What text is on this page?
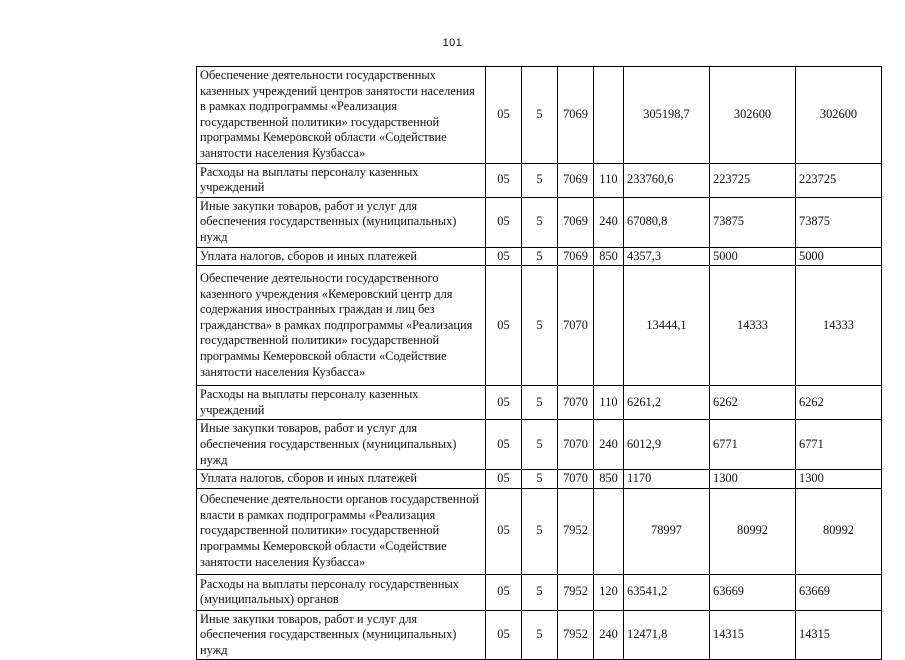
101
Обеспечение деятельности государственных казенных учреждений центров занятости населения в рамках подпрограммы «Реализация государственной политики» государственной программы Кемеровской области «Содействие занятости населения Кузбасса»	05	5	7069		305198,7	302600	302600
Расходы на выплаты персоналу казенных учреждений	05	5	7069	110	233760,6	223725	223725
Иные закупки товаров, работ и услуг для обеспечения государственных (муниципальных) нужд	05	5	7069	240	67080,8	73875	73875
Уплата налогов, сборов и иных платежей	05	5	7069	850	4357,3	5000	5000
Обеспечение деятельности государственного казенного учреждения «Кемеровский центр для содержания иностранных граждан и лиц без гражданства» в рамках подпрограммы «Реализация государственной политики» государственной программы Кемеровской области «Содействие занятости населения Кузбасса»	05	5	7070		13444,1	14333	14333
Расходы на выплаты персоналу казенных учреждений	05	5	7070	110	6261,2	6262	6262
Иные закупки товаров, работ и услуг для обеспечения государственных (муниципальных) нужд	05	5	7070	240	6012,9	6771	6771
Уплата налогов, сборов и иных платежей	05	5	7070	850	1170	1300	1300
Обеспечение деятельности органов государственной власти в рамках подпрограммы «Реализация государственной политики» государственной программы Кемеровской области «Содействие занятости населения Кузбасса»	05	5	7952		78997	80992	80992
Расходы на выплаты персоналу государственных (муниципальных) органов	05	5	7952	120	63541,2	63669	63669
Иные закупки товаров, работ и услуг для обеспечения государственных (муниципальных) нужд	05	5	7952	240	12471,8	14315	14315
